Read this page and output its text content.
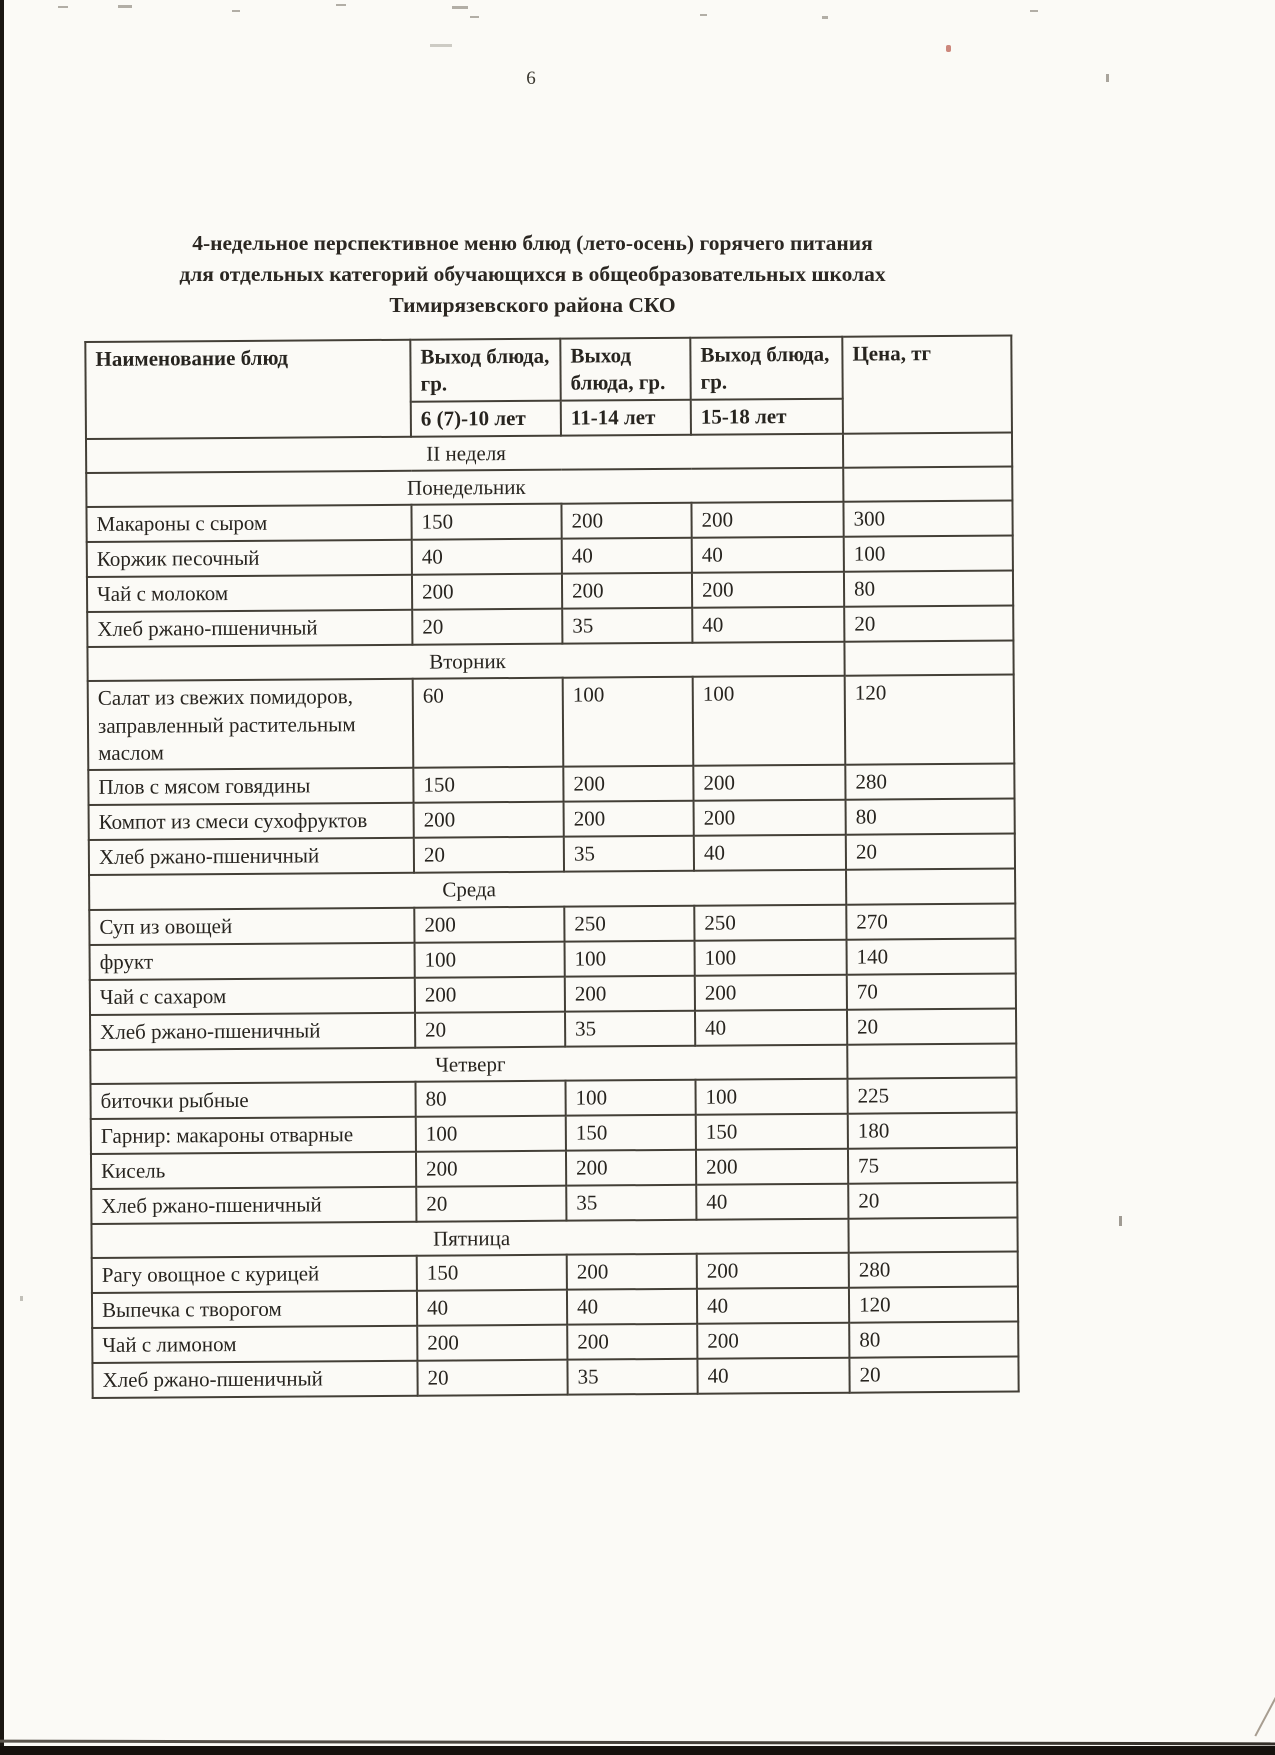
6
4-недельное перспективное меню блюд (лето-осень) горячего питания
для отдельных категорий обучающихся в общеобразовательных школах
Тимирязевского района СКО
Наименование блюд	Выход блюда, гр.	Выход блюда, гр.	Выход блюда, гр.	Цена, тг
	6 (7)-10 лет	11-14 лет	15-18 лет	
II неделя				
Понедельник				
Макароны с сыром	150	200	200	300
Коржик песочный	40	40	40	100
Чай с молоком	200	200	200	80
Хлеб ржано-пшеничный	20	35	40	20
Вторник				
Салат из свежих помидоров, заправленный растительным маслом	60	100	100	120
Плов с мясом говядины	150	200	200	280
Компот из смеси сухофруктов	200	200	200	80
Хлеб ржано-пшеничный	20	35	40	20
Среда				
Суп из овощей	200	250	250	270
фрукт	100	100	100	140
Чай с сахаром	200	200	200	70
Хлеб ржано-пшеничный	20	35	40	20
Четверг				
биточки рыбные	80	100	100	225
Гарнир: макароны отварные	100	150	150	180
Кисель	200	200	200	75
Хлеб ржано-пшеничный	20	35	40	20
Пятница				
Рагу овощное с курицей	150	200	200	280
Выпечка с творогом	40	40	40	120
Чай с лимоном	200	200	200	80
Хлеб ржано-пшеничный	20	35	40	20
